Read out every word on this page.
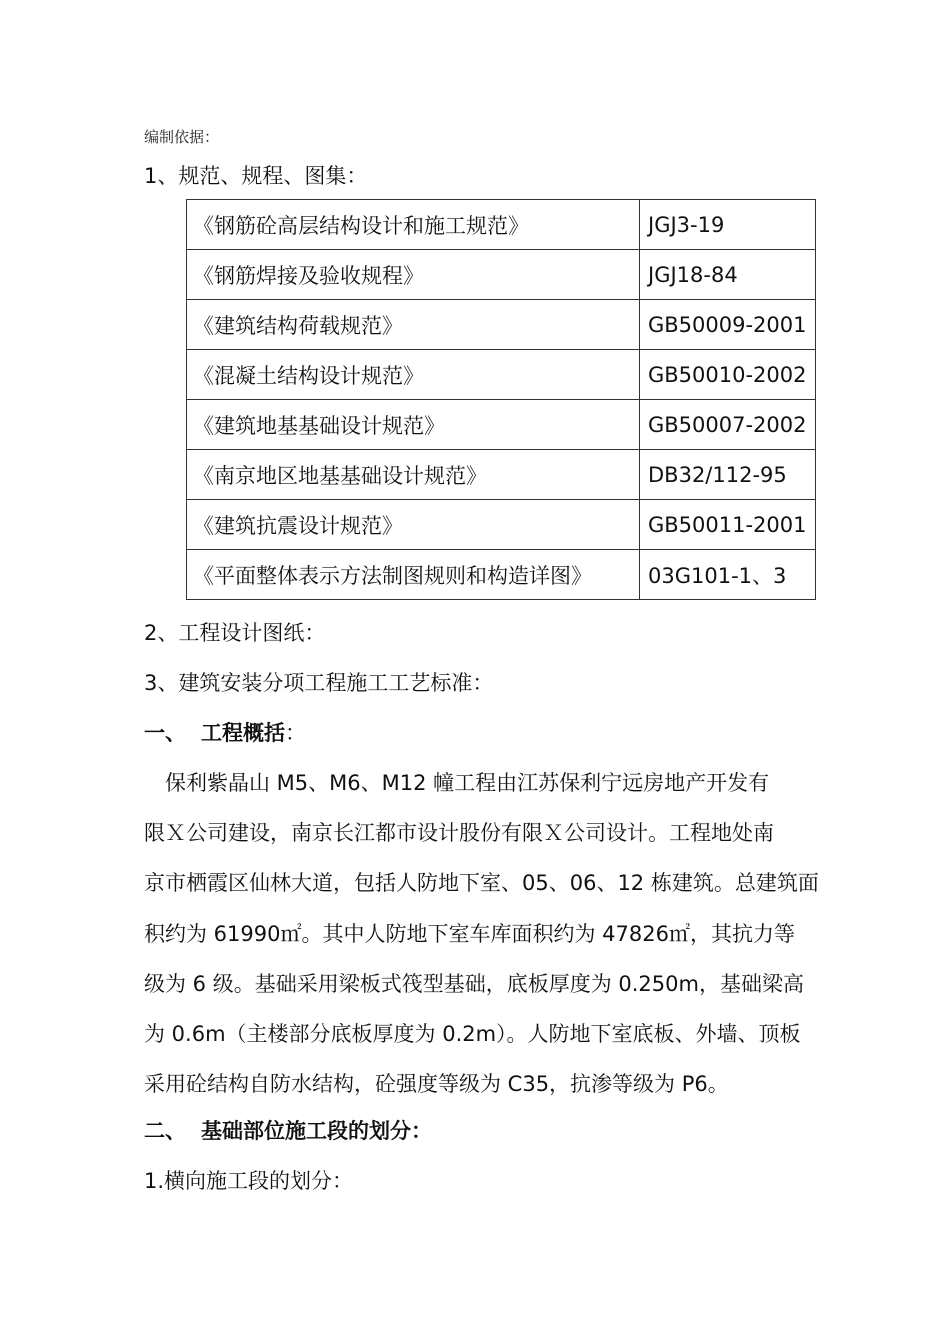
编制依据：
1、规范、规程、图集：
《钢筋砼高层结构设计和施工规范》	JGJ3-19
《钢筋焊接及验收规程》	JGJ18-84
《建筑结构荷载规范》	GB50009-2001
《混凝土结构设计规范》	GB50010-2002
《建筑地基基础设计规范》	GB50007-2002
《南京地区地基基础设计规范》	DB32/112-95
《建筑抗震设计规范》	GB50011-2001
《平面整体表示方法制图规则和构造详图》	03G101-1、3
2、工程设计图纸：
3、建筑安装分项工程施工工艺标准：
一、 工程概括：
　保利紫晶山 M5、M6、M12 幢工程由江苏保利宁远房地产开发有
限Ｘ公司建设，南京长江都市设计股份有限Ｘ公司设计。工程地处南
京市栖霞区仙林大道，包括人防地下室、05、06、12 栋建筑。总建筑面
积约为 61990㎡。其中人防地下室车库面积约为 47826㎡，其抗力等
级为 6 级。基础采用梁板式筏型基础，底板厚度为 0.250m，基础梁高
为 0.6m（主楼部分底板厚度为 0.2m）。人防地下室底板、外墙、顶板
采用砼结构自防水结构，砼强度等级为 C35，抗渗等级为 P6。
二、 基础部位施工段的划分：
1.横向施工段的划分：
